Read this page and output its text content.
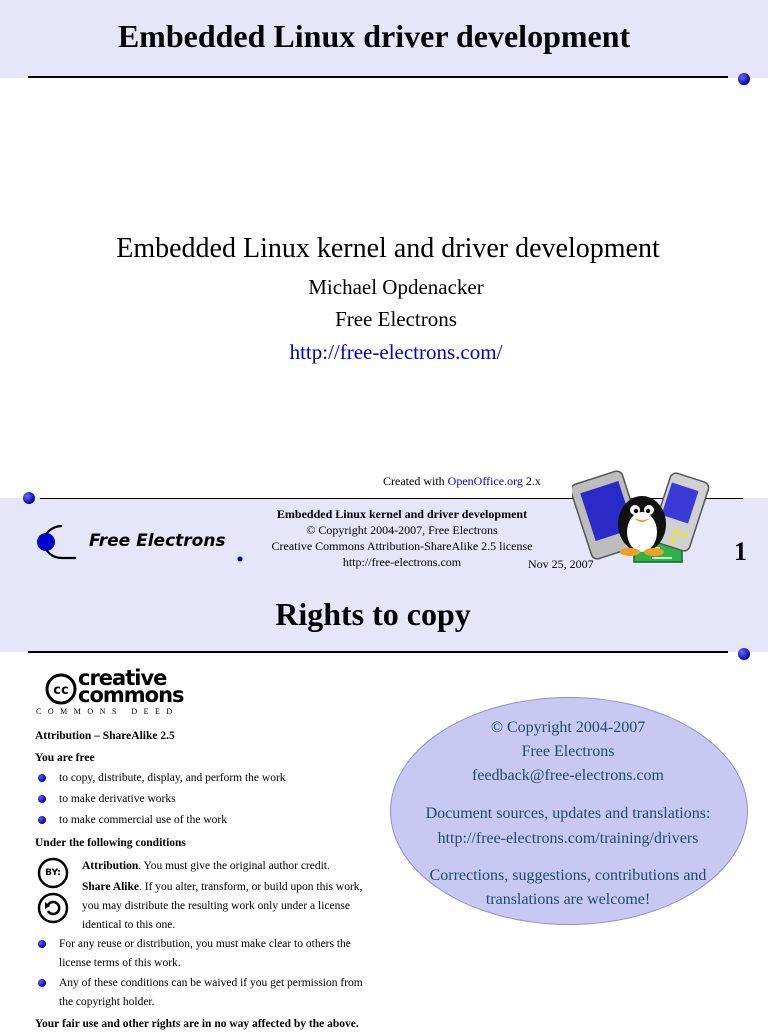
Embedded Linux driver development
Embedded Linux kernel and driver development
Michael Opdenacker
Free Electrons
http://free-electrons.com/
Created with OpenOffice.org 2.x
Free Electrons
Embedded Linux kernel and driver development
© Copyright 2004-2007, Free Electrons
Creative Commons Attribution-ShareAlike 2.5 license
http://free-electrons.com	Nov 25, 2007	1
Rights to copy
cc
creative
commons
COMMONS DEED
Attribution – ShareAlike 2.5
You are free
to copy, distribute, display, and perform the work
to make derivative works
to make commercial use of the work
Under the following conditions
BY:
Attribution. You must give the original author credit.
Share Alike. If you alter, transform, or build upon this work,
you may distribute the resulting work only under a license
identical to this one.
For any reuse or distribution, you must make clear to others the
license terms of this work.
Any of these conditions can be waived if you get permission from
the copyright holder.
Your fair use and other rights are in no way affected by the above.
© Copyright 2004-2007
Free Electrons
feedback@free-electrons.com
Document sources, updates and translations:
http://free-electrons.com/training/drivers
Corrections, suggestions, contributions and
translations are welcome!
